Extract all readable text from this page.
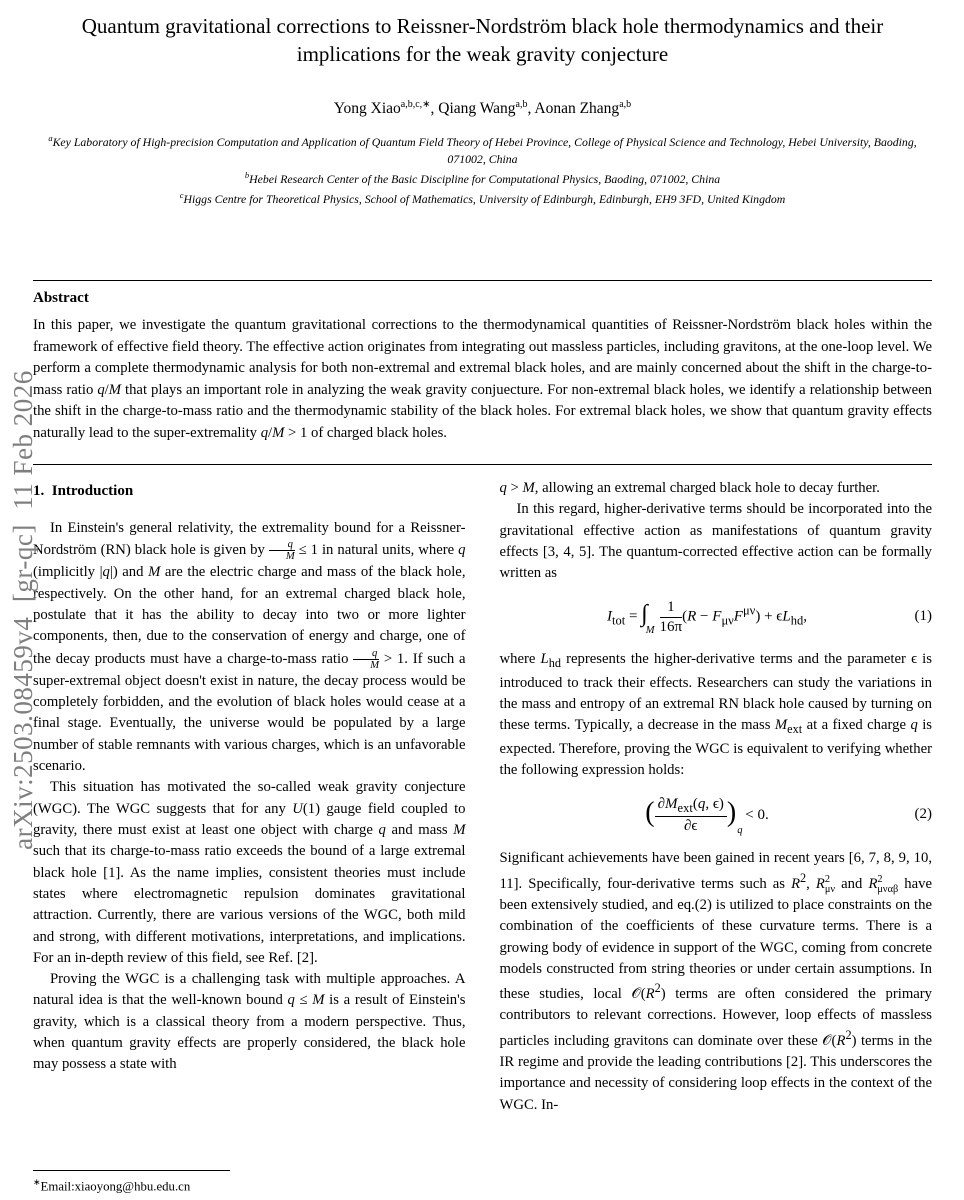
arXiv:2503.08459v4  [gr-qc]  11 Feb 2026
Quantum gravitational corrections to Reissner-Nordström black hole thermodynamics and their implications for the weak gravity conjecture
Yong Xiao$^{a,b,c,∗}$, Qiang Wang$^{a,b}$, Aonan Zhang$^{a,b}$
$^a$Key Laboratory of High-precision Computation and Application of Quantum Field Theory of Hebei Province, College of Physical Science and Technology, Hebei University, Baoding, 071002, China
$^b$Hebei Research Center of the Basic Discipline for Computational Physics, Baoding, 071002, China
$^c$Higgs Centre for Theoretical Physics, School of Mathematics, University of Edinburgh, Edinburgh, EH9 3FD, United Kingdom
Abstract

In this paper, we investigate the quantum gravitational corrections to the thermodynamical quantities of Reissner-Nordström black holes within the framework of effective field theory. The effective action originates from integrating out massless particles, including gravitons, at the one-loop level. We perform a complete thermodynamic analysis for both non-extremal and extremal black holes, and are mainly concerned about the shift in the charge-to-mass ratio q/M that plays an important role in analyzing the weak gravity conjuecture. For non-extremal black holes, we identify a relationship between the shift in the charge-to-mass ratio and the thermodynamic stability of the black holes. For extremal black holes, we show that quantum gravity effects naturally lead to the super-extremality q/M > 1 of charged black holes.

1.  Introduction

In Einstein's general relativity, the extremality bound for a Reissner-Nordström (RN) black hole is given by $\frac{q}{M} \le 1$ in natural units, where q (implicitly |q|) and M are the electric charge and mass of the black hole, respectively. On the other hand, for an extremal charged black hole, postulate that it has the ability to decay into two or more lighter components, then, due to the conservation of energy and charge, one of the decay products must have a charge-to-mass ratio $\frac{q}{M} > 1$. If such a super-extremal object doesn't exist in nature, the decay process would be completely forbidden, and the evolution of black holes would cease at a final stage. Eventually, the universe would be populated by a large number of stable remnants with various charges, which is an unfavorable scenario.

This situation has motivated the so-called weak gravity conjecture (WGC). The WGC suggests that for any U(1) gauge field coupled to gravity, there must exist at least one object with charge q and mass M such that its charge-to-mass ratio exceeds the bound of a large extremal black hole [1]. As the name implies, consistent theories must include states where electromagnetic repulsion dominates gravitational attraction. Currently, there are various versions of the WGC, both mild and strong, with different motivations, interpretations, and implications. For an in-depth review of this field, see Ref. [2].

Proving the WGC is a challenging task with multiple approaches. A natural idea is that the well-known bound q ≤ M is a result of Einstein's gravity, which is a classical theory from a modern perspective. Thus, when quantum gravity effects are properly considered, the black hole may possess a state with

q > M, allowing an extremal charged black hole to decay further.

In this regard, higher-derivative terms should be incorporated into the gravitational effective action as manifestations of quantum gravity effects [3, 4, 5]. The quantum-corrected effective action can be formally written as

$I_{tot} = \int_M \frac{1}{16\pi} (R - F_{\mu\nu}F^{\mu\nu}) + \epsilon L_{hd}$,	(1)

where $L_{hd}$ represents the higher-derivative terms and the parameter ϵ is introduced to track their effects. Researchers can study the variations in the mass and entropy of an extremal RN black hole caused by turning on these terms. Typically, a decrease in the mass $M_{ext}$ at a fixed charge q is expected. Therefore, proving the WGC is equivalent to verifying whether the following expression holds:

( $\frac{\partial M_{ext}(q, \epsilon)}{\partial\epsilon} )_q < 0$.	(2)

Significant achievements have been gained in recent years [6, 7, 8, 9, 10, 11]. Specifically, four-derivative terms such as $R^2$, R 2
μν and R 2
μναβ have been extensively studied, and eq.(2) is utilized to place constraints on the combination of the coefficients of these curvature terms. There is a growing body of evidence in support of the WGC, coming from concrete models constructed from string theories or under certain assumptions. In these studies, local $𝒪(R^2)$ terms are often considered the primary contributors to relevant corrections. However, loop effects of massless particles including gravitons can dominate over these $𝒪(R^2)$ terms in the IR regime and provide the leading contributions [2]. This underscores the importance and necessity of considering loop effects in the context of the WGC. In-

∗Email:xiaoyong@hbu.edu.cn
